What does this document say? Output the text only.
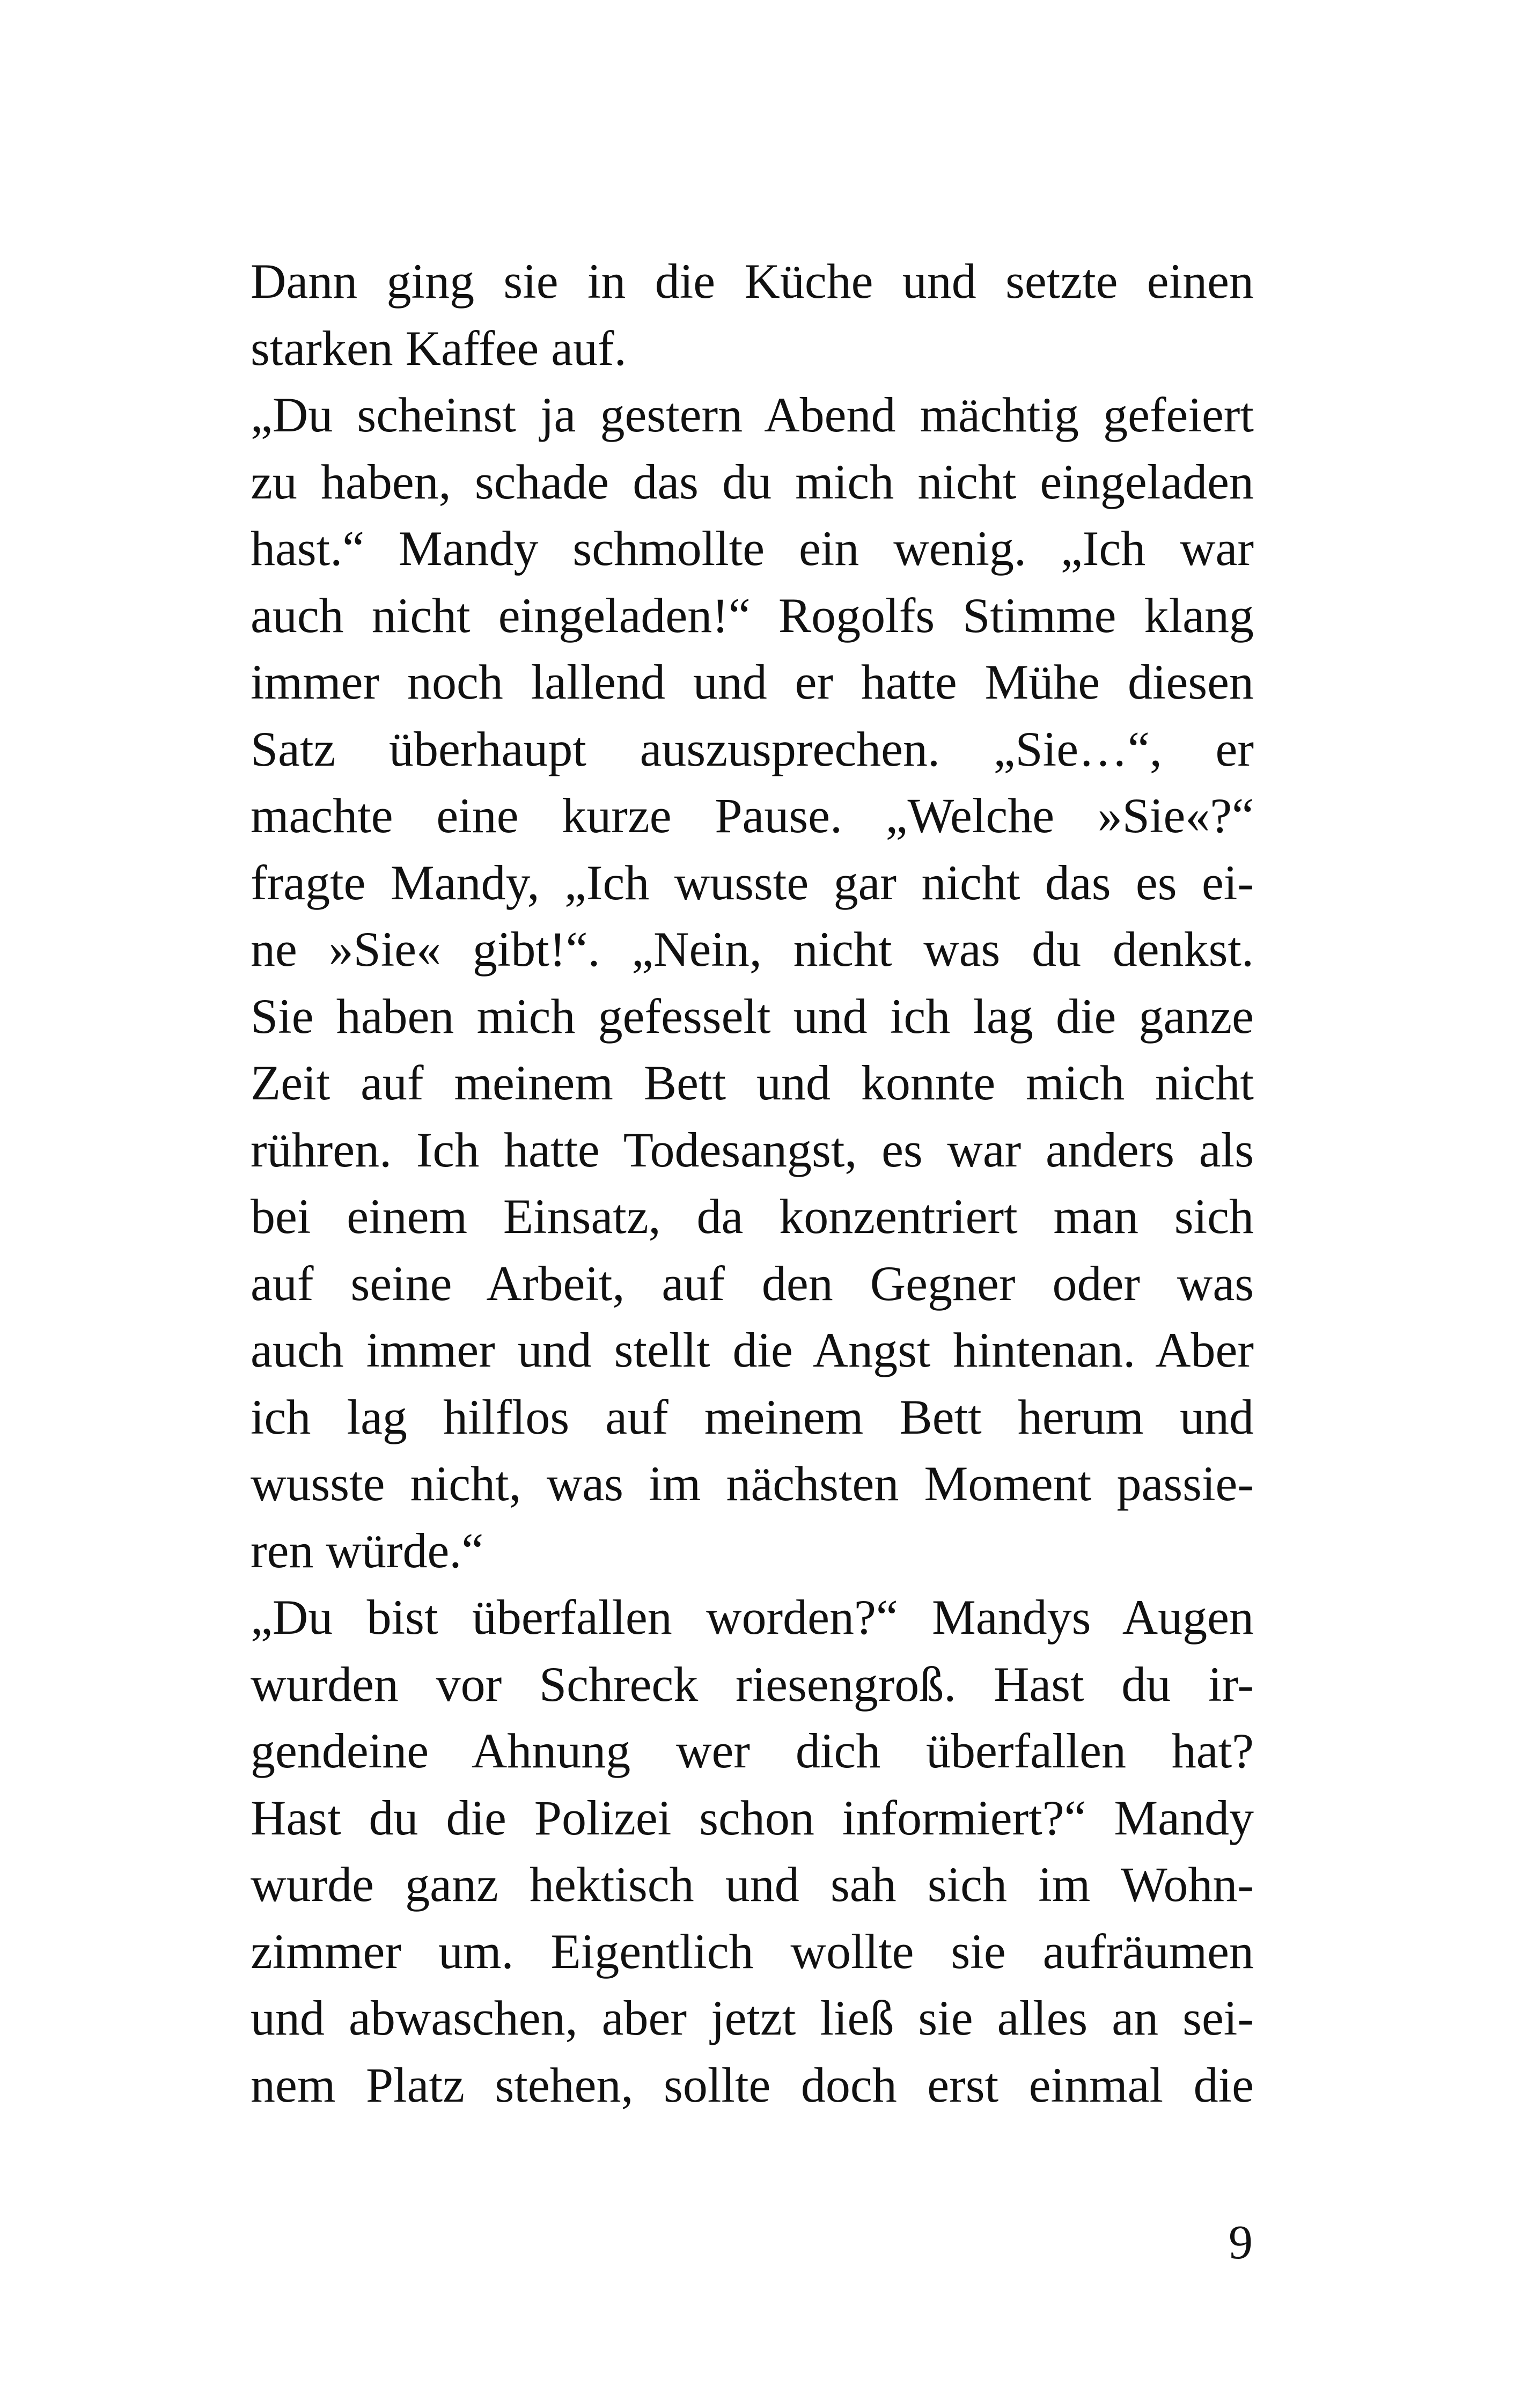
Dann ging sie in die Küche und setzte einen
starken Kaffee auf.
„Du scheinst ja gestern Abend mächtig gefeiert
zu haben, schade das du mich nicht eingeladen
hast.“ Mandy schmollte ein wenig. „Ich war
auch nicht eingeladen!“ Rogolfs Stimme klang
immer noch lallend und er hatte Mühe diesen
Satz überhaupt auszusprechen. „Sie…“, er
machte eine kurze Pause. „Welche »Sie«?“
fragte Mandy, „Ich wusste gar nicht das es ei-
ne »Sie« gibt!“. „Nein, nicht was du denkst.
Sie haben mich gefesselt und ich lag die ganze
Zeit auf meinem Bett und konnte mich nicht
rühren. Ich hatte Todesangst, es war anders als
bei einem Einsatz, da konzentriert man sich
auf seine Arbeit, auf den Gegner oder was
auch immer und stellt die Angst hintenan. Aber
ich lag hilflos auf meinem Bett herum und
wusste nicht, was im nächsten Moment passie-
ren würde.“
„Du bist überfallen worden?“ Mandys Augen
wurden vor Schreck riesengroß. Hast du ir-
gendeine Ahnung wer dich überfallen hat?
Hast du die Polizei schon informiert?“ Mandy
wurde ganz hektisch und sah sich im Wohn-
zimmer um. Eigentlich wollte sie aufräumen
und abwaschen, aber jetzt ließ sie alles an sei-
nem Platz stehen, sollte doch erst einmal die
9
